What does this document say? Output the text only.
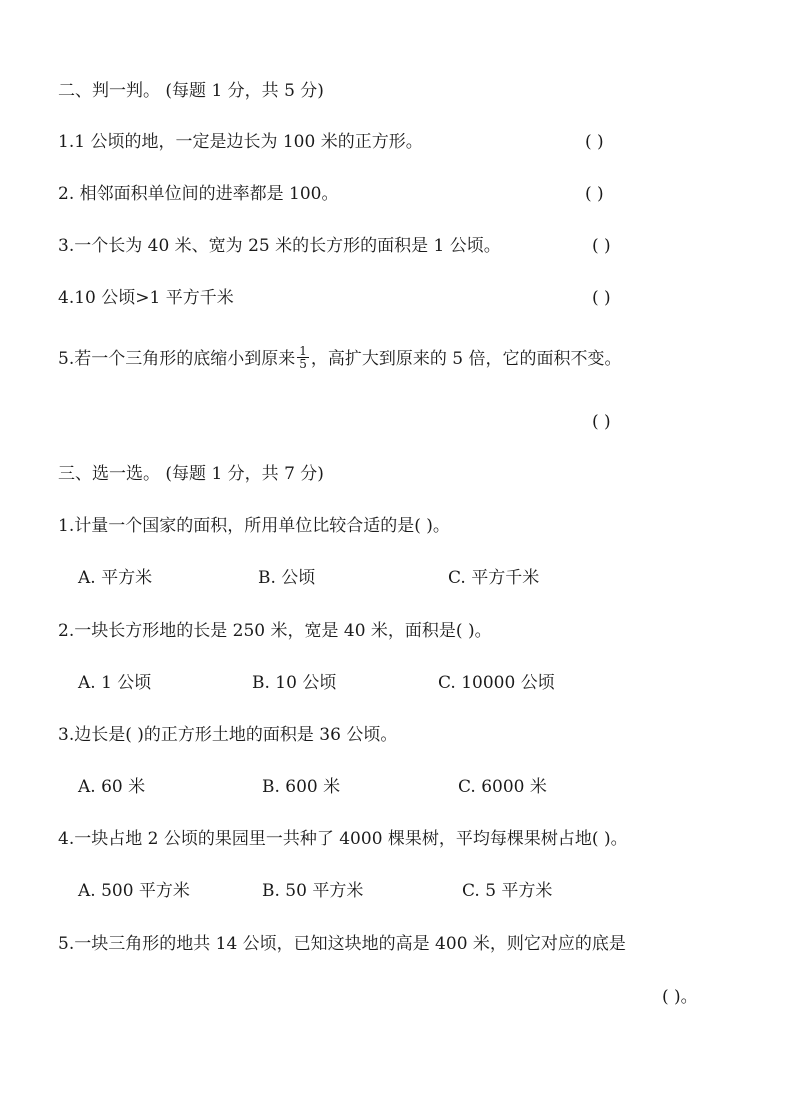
二、判一判。 (每题 1 分，共 5 分)
1.1 公顷的地，一定是边长为 100 米的正方形。	( )
2. 相邻面积单位间的进率都是 100。	( )
3.一个长为 40 米、宽为 25 米的长方形的面积是 1 公顷。	( )
4.10 公顷>1 平方千米	( )
5.若一个三角形的底缩小到原来 $\frac{1}{5}$ ，高扩大到原来的 5 倍，它的面积不变。
( )
三、选一选。 (每题 1 分，共 7 分)
1.计量一个国家的面积，所用单位比较合适的是( )。
A. 平方米	B. 公顷	C. 平方千米
2.一块长方形地的长是 250 米，宽是 40 米，面积是( )。
A. 1 公顷	B. 10 公顷	C. 10000 公顷
3.边长是( )的正方形土地的面积是 36 公顷。
A. 60 米	B. 600 米	C. 6000 米
4.一块占地 2 公顷的果园里一共种了 4000 棵果树，平均每棵果树占地( )。
A. 500 平方米	B. 50 平方米	C. 5 平方米
5.一块三角形的地共 14 公顷，已知这块地的高是 400 米，则它对应的底是
( )。
